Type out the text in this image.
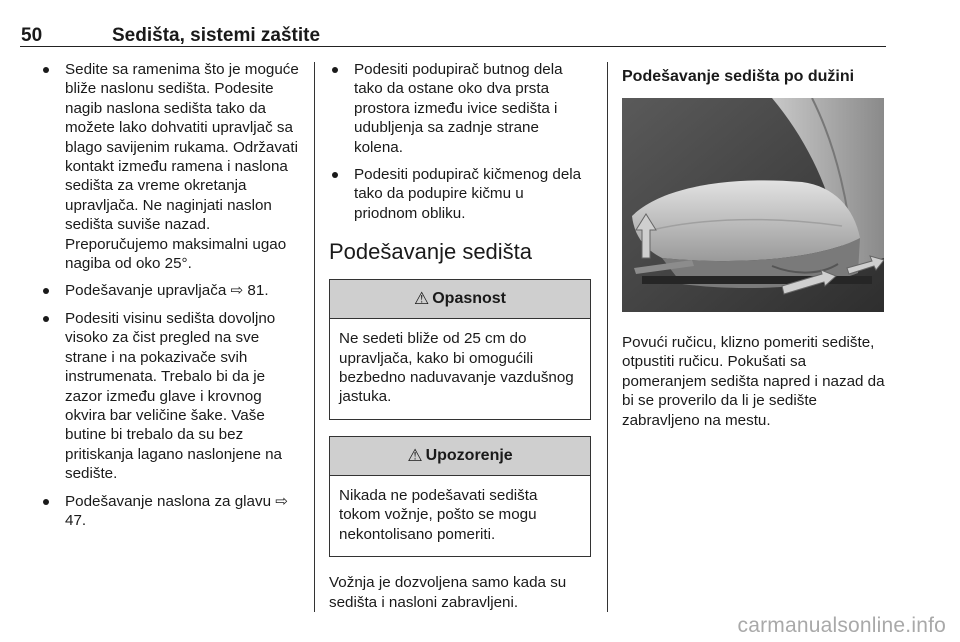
50	Sedišta, sistemi zaštite
Sedite sa ramenima što je moguće bliže naslonu sedišta. Podesite nagib naslona sedišta tako da možete lako dohvatiti upravljač sa blago savijenim rukama. Održavati kontakt između ramena i naslona sedišta za vreme okretanja upravljača. Ne naginjati naslon sedišta suviše nazad. Preporučujemo maksimalni ugao nagiba od oko 25°.
Podešavanje upravljača ⇨ 81.
Podesiti visinu sedišta dovoljno visoko za čist pregled na sve strane i na pokazivače svih instrumenata. Trebalo bi da je zazor između glave i krovnog okvira bar veličine šake. Vaše butine bi trebalo da su bez pritiskanja lagano naslonjene na sedište.
Podešavanje naslona za glavu ⇨ 47.
Podesiti podupirač butnog dela tako da ostane oko dva prsta prostora između ivice sedišta i udubljenja sa zadnje strane kolena.
Podesiti podupirač kičmenog dela tako da podupire kičmu u priodnom obliku.
Podešavanje sedišta
⚠ Opasnost
Ne sedeti bliže od 25 cm do upravljača, kako bi omogućili bezbedno naduvavanje vazdušnog jastuka.
⚠ Upozorenje
Nikada ne podešavati sedišta tokom vožnje, pošto se mogu nekontolisano pomeriti.

Vožnja je dozvoljena samo kada su sedišta i nasloni zabravljeni.

Podešavanje sedišta po dužini

Povući ručicu, klizno pomeriti sedište, otpustiti ručicu. Pokušati sa pomeranjem sedišta napred i nazad da bi se proverilo da li je sedište zabravljeno na mestu.

carmanualsonline.info
